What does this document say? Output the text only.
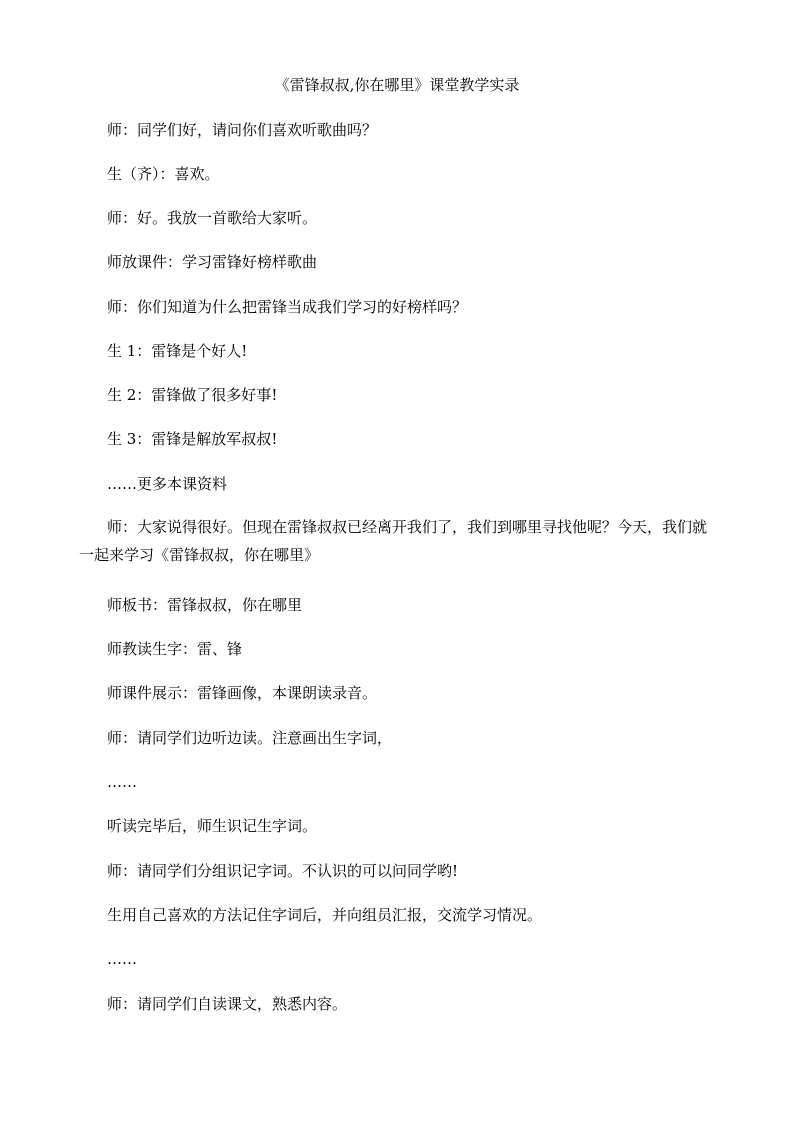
《雷锋叔叔,你在哪里》课堂教学实录
师：同学们好，请问你们喜欢听歌曲吗？
生（齐）：喜欢。
师：好。我放一首歌给大家听。
师放课件：学习雷锋好榜样歌曲
师：你们知道为什么把雷锋当成我们学习的好榜样吗？
生 1：雷锋是个好人!
生 2：雷锋做了很多好事!
生 3：雷锋是解放军叔叔!
……更多本课资料
师：大家说得很好。但现在雷锋叔叔已经离开我们了，我们到哪里寻找他呢？今天，我们就一起来学习《雷锋叔叔，你在哪里》
师板书：雷锋叔叔，你在哪里
师教读生字：雷、锋
师课件展示：雷锋画像，本课朗读录音。
师：请同学们边听边读。注意画出生字词，
……
听读完毕后，师生识记生字词。
师：请同学们分组识记字词。不认识的可以问同学哟!
生用自己喜欢的方法记住字词后，并向组员汇报，交流学习情况。
……
师：请同学们自读课文，熟悉内容。
